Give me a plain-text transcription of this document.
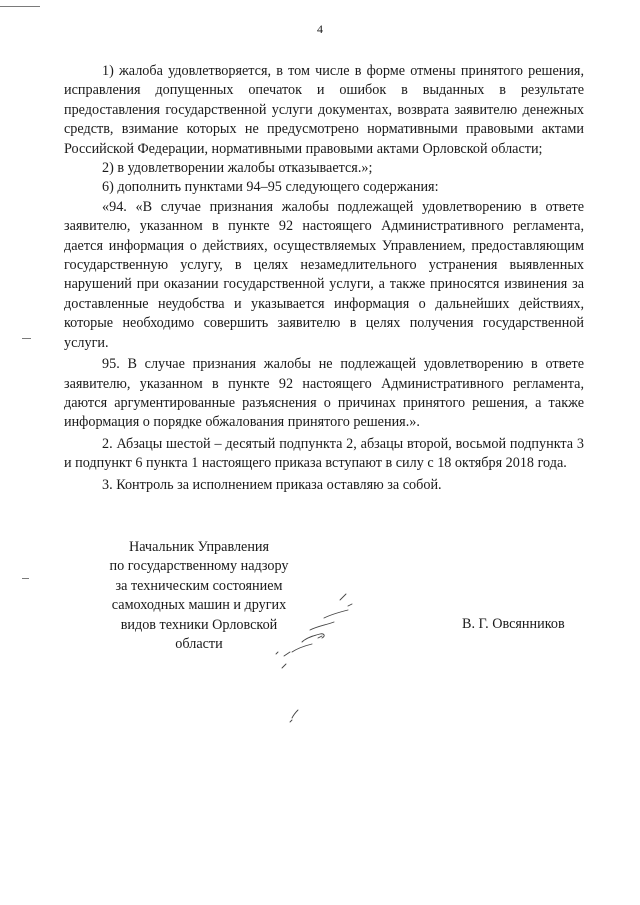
4

1) жалоба удовлетворяется, в том числе в форме отмены принятого решения, исправления допущенных опечаток и ошибок в выданных в результате предоставления государственной услуги документах, возврата заявителю денежных средств, взимание которых не предусмотрено нормативными правовыми актами Российской Федерации, нормативными правовыми актами Орловской области;

2) в удовлетворении жалобы отказывается.»;

6) дополнить пунктами 94–95 следующего содержания:

«94. «В случае признания жалобы подлежащей удовлетворению в ответе заявителю, указанном в пункте 92 настоящего Административного регламента, дается информация о действиях, осуществляемых Управлением, предоставляющим государственную услугу, в целях незамедлительного устранения выявленных нарушений при оказании государственной услуги, а также приносятся извинения за доставленные неудобства и указывается информация о дальнейших действиях, которые необходимо совершить заявителю в целях получения государственной услуги.

95. В случае признания жалобы не подлежащей удовлетворению в ответе заявителю, указанном в пункте 92 настоящего Административного регламента, даются аргументированные разъяснения о причинах принятого решения, а также информация о порядке обжалования принятого решения.».

2. Абзацы шестой – десятый подпункта 2, абзацы второй, восьмой подпункта 3 и подпункт 6 пункта 1 настоящего приказа вступают в силу с 18 октября 2018 года.

3. Контроль за исполнением приказа оставляю за собой.

Начальник Управления
по государственному надзору
за техническим состоянием
самоходных машин и других
видов техники Орловской
области
В. Г. Овсянников
